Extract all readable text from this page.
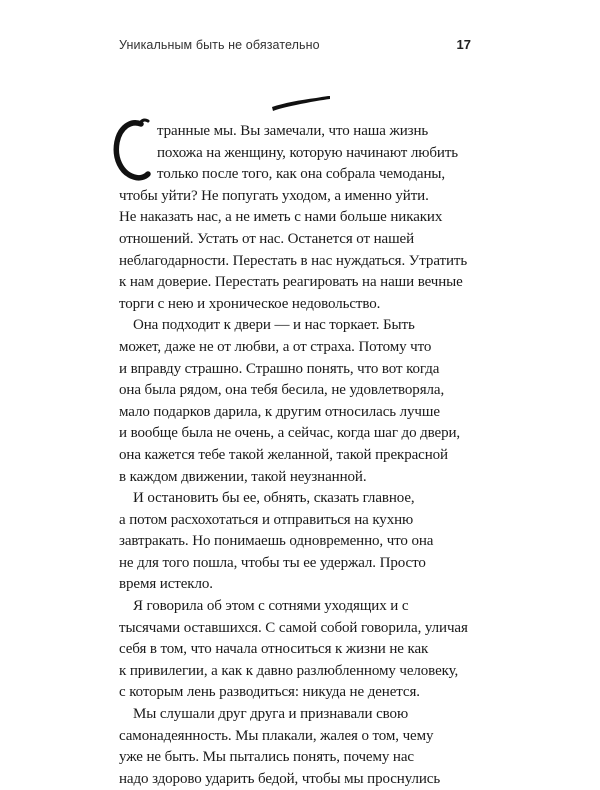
Уникальным быть не обязательно	17
транные мы. Вы замечали, что наша жизнь
похожа на женщину, которую начинают любить
только после того, как она собрала чемоданы,
чтобы уйти? Не попугать уходом, а именно уйти.
Не наказать нас, а не иметь с нами больше никаких
отношений. Устать от нас. Останется от нашей
неблагодарности. Перестать в нас нуждаться. Утратить
к нам доверие. Перестать реагировать на наши вечные
торги с нею и хроническое недовольство.
Она подходит к двери — и нас торкает. Быть
может, даже не от любви, а от страха. Потому что
и вправду страшно. Страшно понять, что вот когда
она была рядом, она тебя бесила, не удовлетворяла,
мало подарков дарила, к другим относилась лучше
и вообще была не очень, а сейчас, когда шаг до двери,
она кажется тебе такой желанной, такой прекрасной
в каждом движении, такой неузнанной.
И остановить бы ее, обнять, сказать главное,
а потом расхохотаться и отправиться на кухню
завтракать. Но понимаешь одновременно, что она
не для того пошла, чтобы ты ее удержал. Просто
время истекло.
Я говорила об этом с сотнями уходящих и с
тысячами оставшихся. С самой собой говорила, уличая
себя в том, что начала относиться к жизни не как
к привилегии, а как к давно разлюбленному человеку,
с которым лень разводиться: никуда не денется.
Мы слушали друг друга и признавали свою
самонадеянность. Мы плакали, жалея о том, чему
уже не быть. Мы пытались понять, почему нас
надо здорово ударить бедой, чтобы мы проснулись
